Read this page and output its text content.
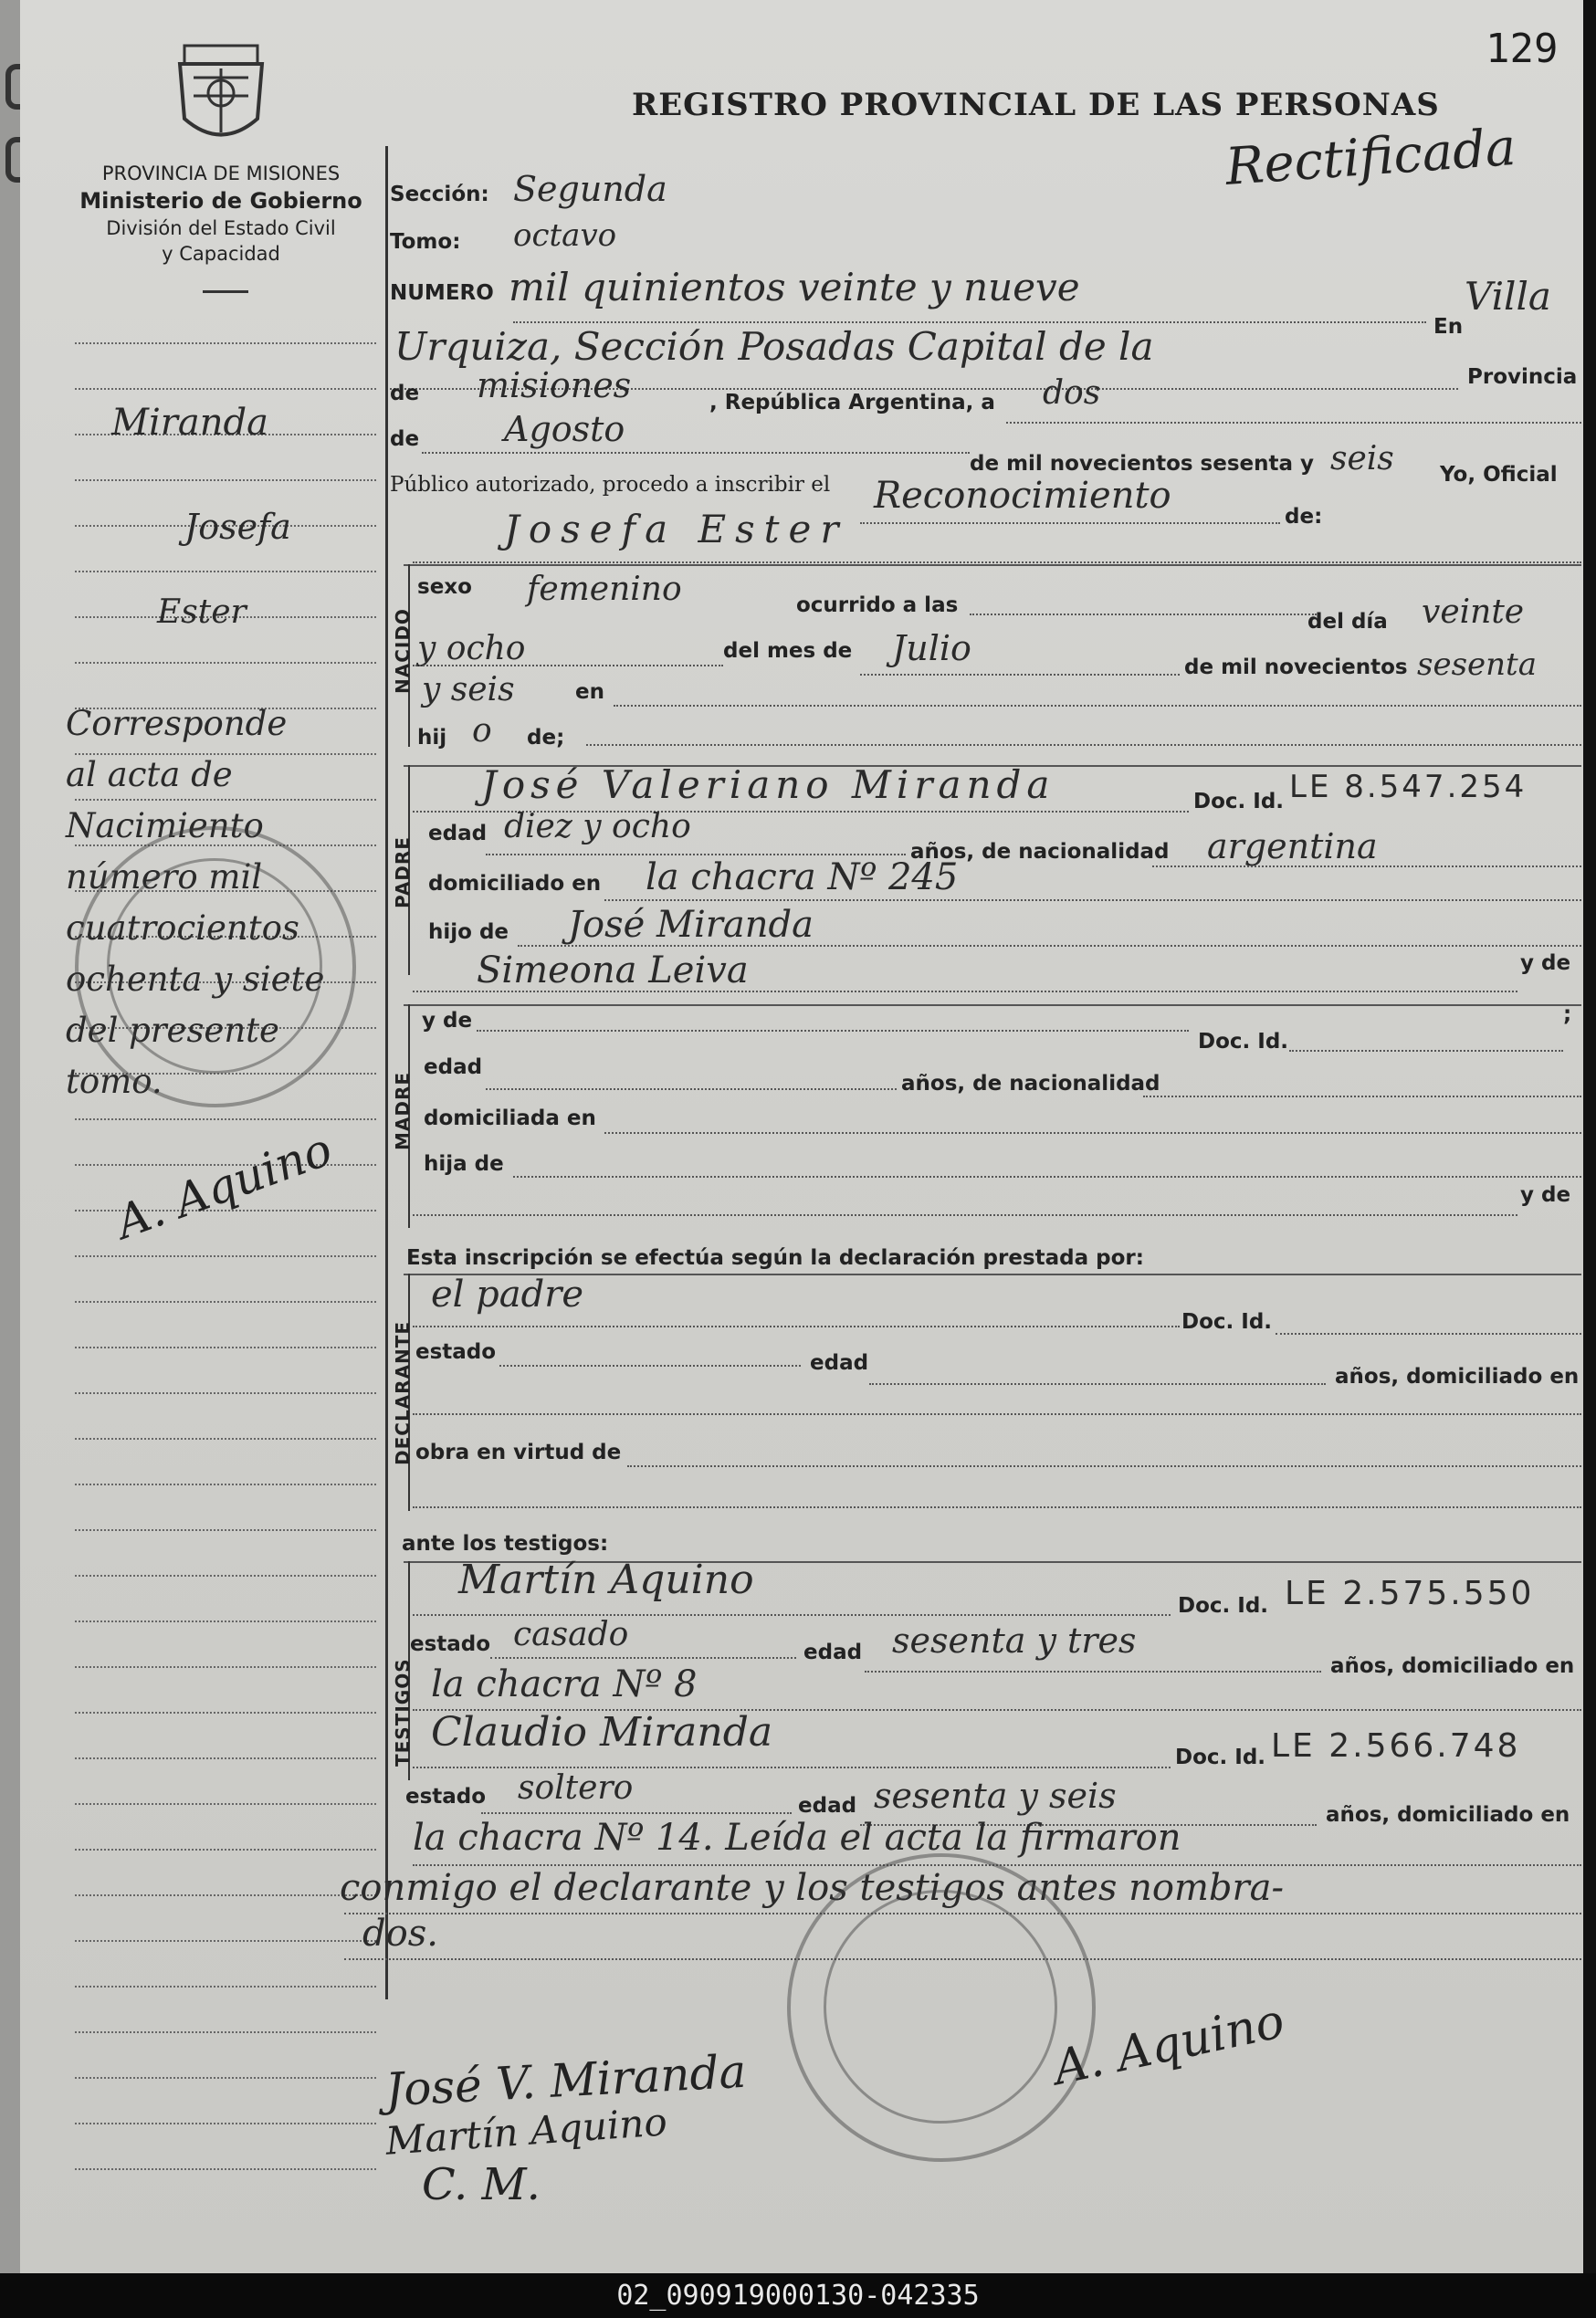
129
REGISTRO PROVINCIAL DE LAS PERSONAS
Rectificada
PROVINCIA DE MISIONES
Ministerio de Gobierno
División del Estado Civil
y Capacidad
Miranda
Josefa
Ester
Corresponde
al acta de
Nacimiento
número mil
cuatrocientos
ochenta y siete
del presente
tomo.
A. Aquino
Sección: Segunda
Tomo: octavo
NUMERO mil quinientos veinte y nueve
En
Villa
Urquiza, Sección Posadas Capital de la
Provincia
de misiones	, República Argentina, a dos
de Agosto
de mil novecientos sesenta y seis Yo, Oficial
Público autorizado, procedo a inscribir el Reconocimiento	de:
Josefa Ester
NACIDO
sexo femenino	ocurrido a las
del día veinte
y ocho	del mes de Julio	de mil novecientos sesenta
y seis	en
hij o de;
PADRE
José Valeriano Miranda	Doc. Id. LE 8.547.254
edad diez y ocho
años, de nacionalidad argentina
domiciliado en la chacra Nº 245
hijo de José Miranda
Simeona Leiva	y de
MADRE
y de
Doc. Id.
;
edad
años, de nacionalidad
domiciliada en
hija de
y de
Esta inscripción se efectúa según la declaración prestada por:
DECLARANTE
el padre
Doc. Id.
estado	edad
años, domiciliado en
obra en virtud de
ante los testigos:
TESTIGOS
Martín Aquino
Doc. Id. LE 2.575.550
estado casado	edad sesenta y tres
años, domiciliado en
la chacra Nº 8
Claudio Miranda
Doc. Id. LE 2.566.748
estado soltero	edad sesenta y seis	años, domiciliado en
la chacra Nº 14. Leída el acta la firmaron
conmigo el declarante y los testigos antes nombra-
dos.
A. Aquino
José V. Miranda
Martín Aquino
C. M.
02_090919000130-042335
